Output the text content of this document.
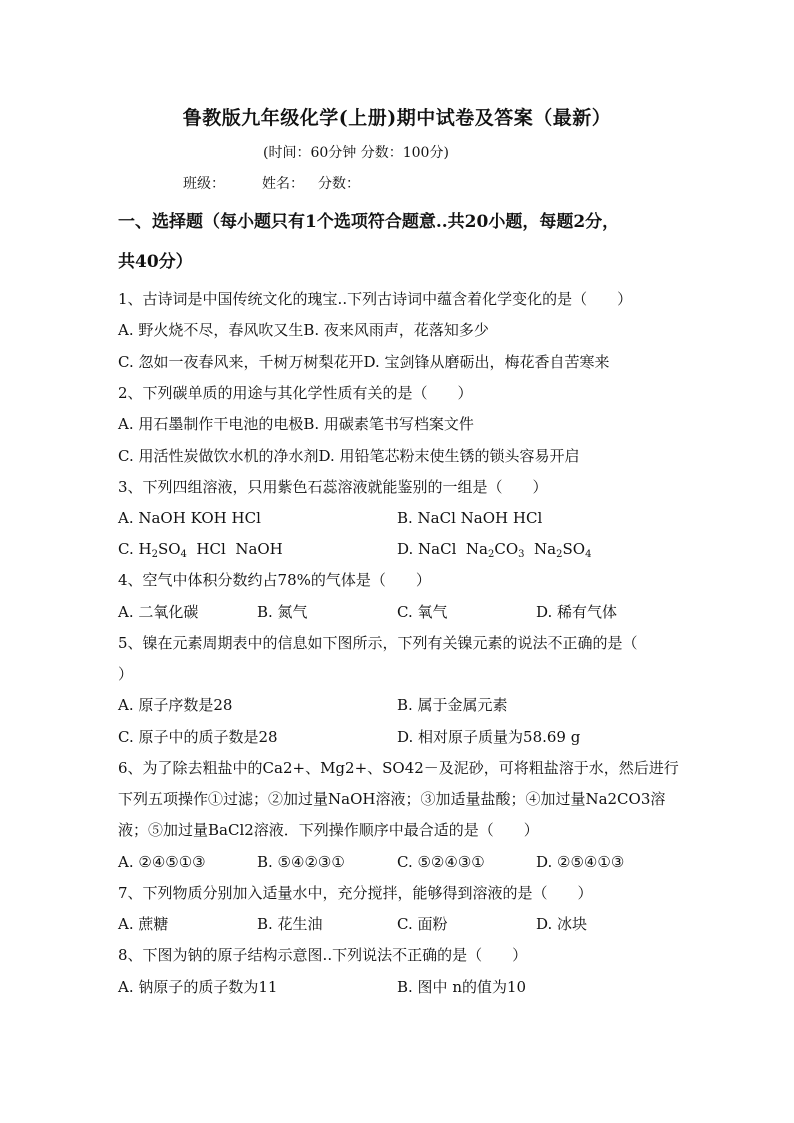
鲁教版九年级化学(上册)期中试卷及答案（最新）
(时间：60分钟 分数：100分)
班级：	姓名： 分数：
一、选择题（每小题只有1个选项符合题意..共20小题，每题2分，
共40分）
1、古诗词是中国传统文化的瑰宝..下列古诗词中蕴含着化学变化的是（　　）
A. 野火烧不尽，春风吹又生B. 夜来风雨声，花落知多少
C. 忽如一夜春风来，千树万树梨花开D. 宝剑锋从磨砺出，梅花香自苦寒来
2、下列碳单质的用途与其化学性质有关的是（　　）
A. 用石墨制作干电池的电极B. 用碳素笔书写档案文件
C. 用活性炭做饮水机的净水剂D. 用铅笔芯粉末使生锈的锁头容易开启
3、下列四组溶液，只用紫色石蕊溶液就能鉴别的一组是（　　）
A. NaOH KOH HCl	B. NaCl NaOH HCl
C. $H_2SO_4$  HCl  NaOH	D. NaCl  $Na_2CO_3$  $Na_2SO_4$
4、空气中体积分数约占78%的气体是（　　）
A. 二氧化碳	B. 氮气	C. 氧气	D. 稀有气体
5、镍在元素周期表中的信息如下图所示，下列有关镍元素的说法不正确的是（
）
A. 原子序数是28	B. 属于金属元素
C. 原子中的质子数是28	D. 相对原子质量为58.69 g
6、为了除去粗盐中的Ca2+、Mg2+、SO42－及泥砂，可将粗盐溶于水，然后进行
下列五项操作①过滤；②加过量NaOH溶液；③加适量盐酸；④加过量Na2CO3溶
液；⑤加过量BaCl2溶液．下列操作顺序中最合适的是（　　）
A. ②④⑤①③	B. ⑤④②③①	C. ⑤②④③①	D. ②⑤④①③
7、下列物质分别加入适量水中，充分搅拌，能够得到溶液的是（　　）
A. 蔗糖	B. 花生油	C. 面粉	D. 冰块
8、下图为钠的原子结构示意图..下列说法不正确的是（　　）
A. 钠原子的质子数为11	B. 图中 n的值为10
